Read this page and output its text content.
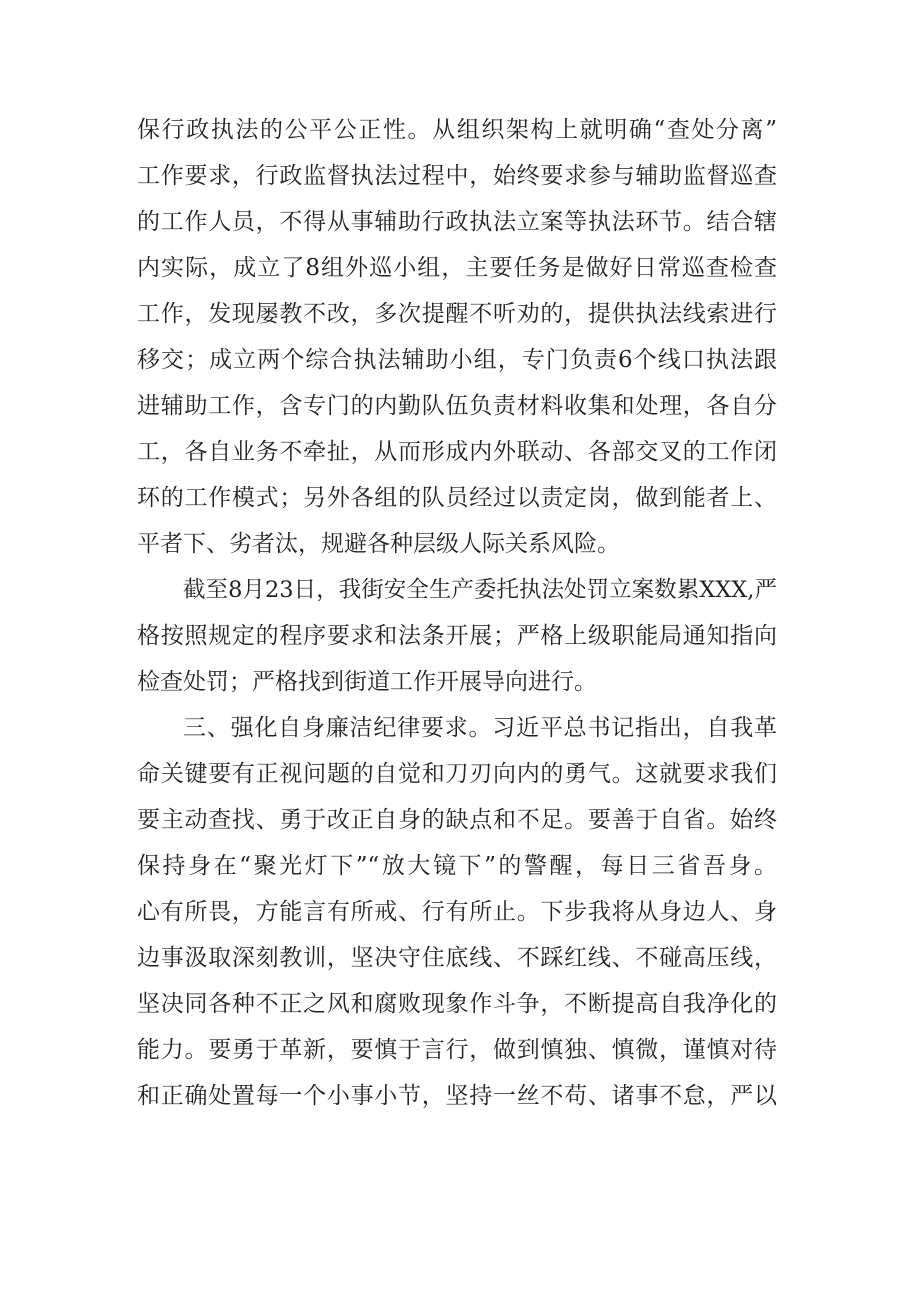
保行政执法的公平公正性。从组织架构上就明确“查处分离”
工作要求，行政监督执法过程中，始终要求参与辅助监督巡查
的工作人员，不得从事辅助行政执法立案等执法环节。结合辖
内实际，成立了8组外巡小组，主要任务是做好日常巡查检查
工作，发现屡教不改，多次提醒不听劝的，提供执法线索进行
移交；成立两个综合执法辅助小组，专门负责6个线口执法跟
进辅助工作，含专门的内勤队伍负责材料收集和处理，各自分
工，各自业务不牵扯，从而形成内外联动、各部交叉的工作闭
环的工作模式；另外各组的队员经过以责定岗，做到能者上、
平者下、劣者汰，规避各种层级人际关系风险。
截至8月23日，我街安全生产委托执法处罚立案数累XXX,严
格按照规定的程序要求和法条开展；严格上级职能局通知指向
检查处罚；严格找到街道工作开展导向进行。
三、强化自身廉洁纪律要求。习近平总书记指出，自我革
命关键要有正视问题的自觉和刀刃向内的勇气。这就要求我们
要主动查找、勇于改正自身的缺点和不足。要善于自省。始终
保持身在“聚光灯下”“放大镜下”的警醒，每日三省吾身。
心有所畏，方能言有所戒、行有所止。下步我将从身边人、身
边事汲取深刻教训，坚决守住底线、不踩红线、不碰高压线，
坚决同各种不正之风和腐败现象作斗争，不断提高自我净化的
能力。要勇于革新，要慎于言行，做到慎独、慎微，谨慎对待
和正确处置每一个小事小节，坚持一丝不苟、诸事不怠，严以
